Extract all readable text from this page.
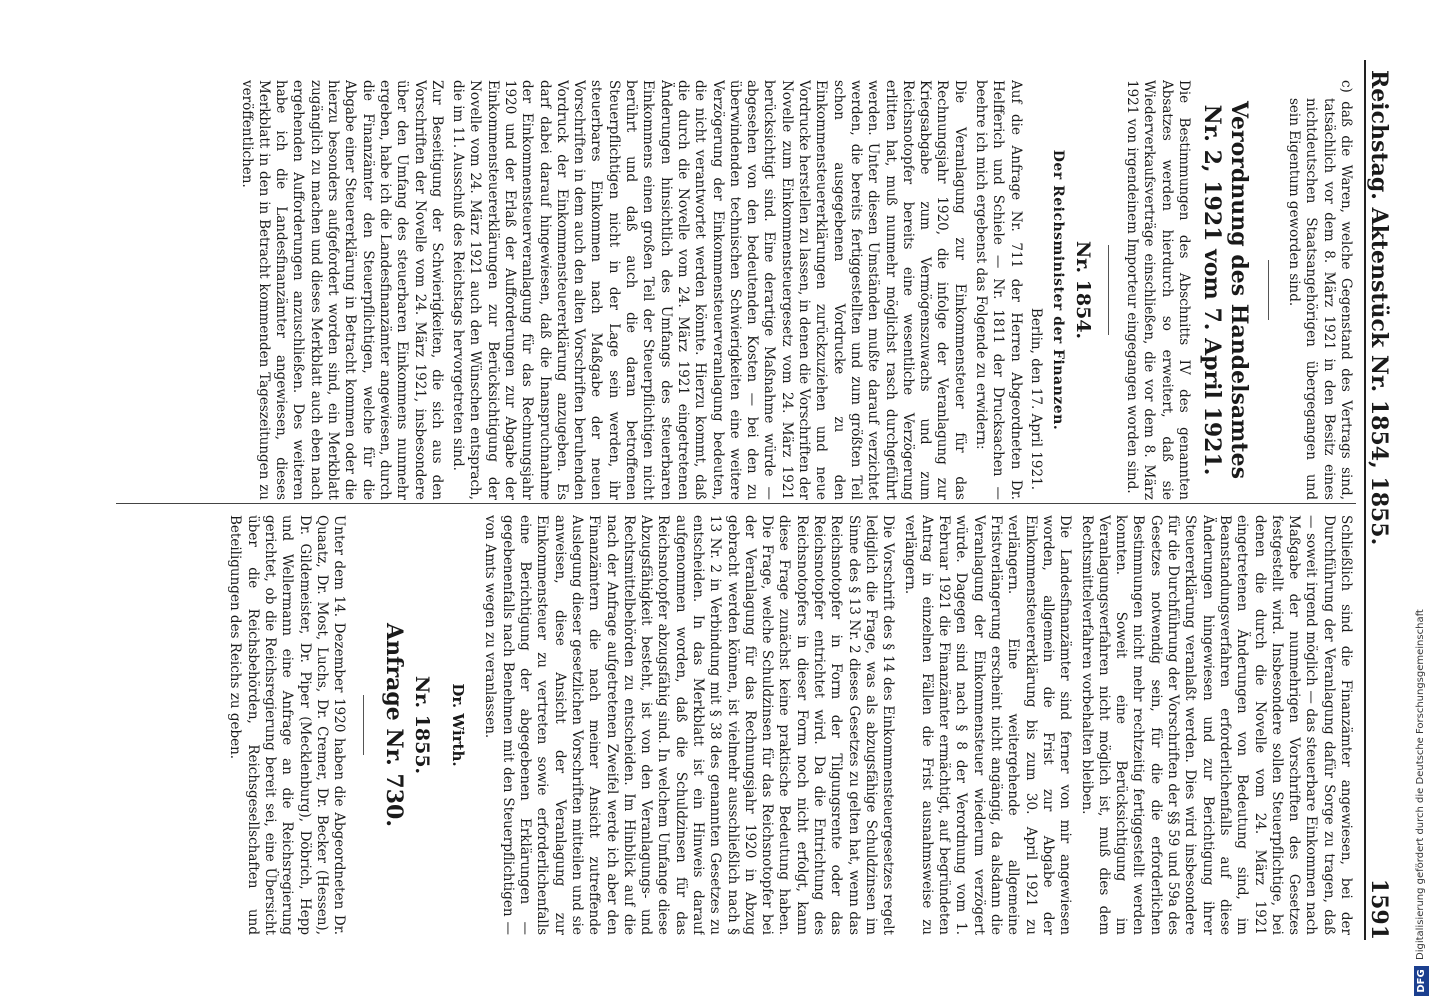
Reichstag. Aktenstück Nr. 1854, 1855.
1591

c) daß die Waren, welche Gegenstand des Vertrags sind, tatsächlich vor dem 8. März 1921 in den Besitz eines nichtdeutschen Staatsangehörigen übergegangen und sein Eigentum geworden sind.

Verordnung des Handelsamtes Nr. 2, 1921 vom 7. April 1921.

Die Bestimmungen des Abschnitts IV des genannten Absatzes werden hierdurch so erweitert, daß sie Wiederverkaufsverträge einschließen, die vor dem 8. März 1921 von irgendeinem Importeur eingegangen worden sind.

Nr. 1854.
Der Reichsminister der Finanzen.
Berlin, den 17. April 1921.

Auf die Anfrage Nr. 711 der Herren Abgeordneten Dr. Helfferich und Schiele — Nr. 1811 der Drucksachen — beehre ich mich ergebenst das Folgende zu erwidern:

Die Veranlagung zur Einkommensteuer für das Rechnungsjahr 1920, die infolge der Veranlagung zur Kriegsabgabe zum Vermögenszuwachs und zum Reichsnotopfer bereits eine wesentliche Verzögerung erlitten hat, muß nunmehr möglichst rasch durchgeführt werden. Unter diesen Umständen mußte darauf verzichtet werden, die bereits fertiggestellten und zum größten Teil schon ausgegebenen Vordrucke zu den Einkommensteuererklärungen zurückzuziehen und neue Vordrucke herstellen zu lassen, in denen die Vorschriften der Novelle zum Einkommensteuergesetz vom 24. März 1921 berücksichtigt sind. Eine derartige Maßnahme würde — abgesehen von den bedeutenden Kosten — bei den zu überwindenden technischen Schwierigkeiten eine weitere Verzögerung der Einkommensteuerveranlagung bedeuten, die nicht verantwortet werden könnte. Hierzu kommt, daß die durch die Novelle vom 24. März 1921 eingetretenen Änderungen hinsichtlich des Umfangs des steuerbaren Einkommens einen großen Teil der Steuerpflichtigen nicht berührt und daß auch die daran betroffenen Steuerpflichtigen nicht in der Lage sein werden, ihr steuerbares Einkommen nach Maßgabe der neuen Vorschriften in dem auch den alten Vorschriften beruhenden Vordruck der Einkommensteuererklärung anzugeben. Es darf dabei darauf hingewiesen, daß die Inanspruchnahme der Einkommensteuerveranlagung für das Rechnungsjahr 1920 und der Erlaß der Aufforderungen zur Abgabe der Einkommensteuererklärungen zur Berücksichtigung der Novelle vom 24. März 1921 auch den Wünschen entsprach, die im 11. Ausschuß des Reichstags hervorgetreten sind.

Zur Beseitigung der Schwierigkeiten, die sich aus den Vorschriften der Novelle vom 24. März 1921, insbesondere über den Umfang des steuerbaren Einkommens nunmehr ergeben, habe ich die Landesfinanzämter angewiesen, durch die Finanzämter den Steuerpflichtigen, welche für die Abgabe einer Steuererklärung in Betracht kommen oder die hierzu besonders aufgefordert worden sind, ein Merkblatt zugänglich zu machen und dieses Merkblatt auch eben nach ergehenden Aufforderungen anzuschließen. Des weiteren habe ich die Landesfinanzämter angewiesen, dieses Merkblatt in den in Betracht kommenden Tageszeitungen zu veröffentlichen.

Schließlich sind die Finanzämter angewiesen, bei der Durchführung der Veranlagung dafür Sorge zu tragen, daß — soweit irgend möglich — das steuerbare Einkommen nach Maßgabe der nunmehrigen Vorschriften des Gesetzes festgestellt wird. Insbesondere sollen Steuerpflichtige, bei denen die durch die Novelle vom 24. März 1921 eingetretenen Änderungen von Bedeutung sind, im Beanstandungsverfahren erforderlichenfalls auf diese Änderungen hingewiesen und zur Berichtigung ihrer Steuererklärung veranlaßt werden. Dies wird insbesondere für die Durchführung der Vorschriften der §§ 59 und 59a des Gesetzes notwendig sein, für die die erforderlichen Bestimmungen nicht mehr rechtzeitig fertiggestellt werden konnten. Soweit eine Berücksichtigung im Veranlagungsverfahren nicht möglich ist, muß dies dem Rechtsmittelverfahren vorbehalten bleiben.

Die Landesfinanzämter sind ferner von mir angewiesen worden, allgemein die Frist zur Abgabe der Einkommensteuererklärung bis zum 30. April 1921 zu verlängern. Eine weitergehende allgemeine Fristverlängerung erscheint nicht angängig, da alsdann die Veranlagung der Einkommensteuer wiederum verzögert würde. Dagegen sind nach § 8 der Verordnung vom 1. Februar 1921 die Finanzämter ermächtigt, auf begründeten Antrag in einzelnen Fällen die Frist ausnahmsweise zu verlängern.

Die Vorschrift des § 14 des Einkommensteuergesetzes regelt lediglich die Frage, was als abzugsfähige Schuldzinsen im Sinne des § 13 Nr. 2 dieses Gesetzes zu gelten hat, wenn das Reichsnotopfer in Form der Tilgungsrente oder das Reichsnotopfer entrichtet wird. Da die Entrichtung des Reichsnotopfers in dieser Form noch nicht erfolgt, kann diese Frage zunächst keine praktische Bedeutung haben. Die Frage, welche Schuldzinsen für das Reichsnotopfer bei der Veranlagung für das Rechnungsjahr 1920 in Abzug gebracht werden können, ist vielmehr ausschließlich nach § 13 Nr. 2 in Verbindung mit § 38 des genannten Gesetzes zu entscheiden. In das Merkblatt ist ein Hinweis darauf aufgenommen worden, daß die Schuldzinsen für das Reichsnotopfer abzugsfähig sind. In welchem Umfange diese Abzugsfähigkeit besteht, ist von den Veranlagungs- und Rechtsmittelbehörden zu entscheiden. Im Hinblick auf die nach der Anfrage aufgetretenen Zweifel werde ich aber den Finanzämtern die nach meiner Ansicht zutreffende Auslegung dieser gesetzlichen Vorschriften mitteilen und sie anweisen, diese Ansicht der Veranlagung zur Einkommensteuer zu vertreten sowie erforderlichenfalls eine Berichtigung der abgegebenen Erklärungen — gegebenenfalls nach Benehmen mit den Steuerpflichtigen — von Amts wegen zu veranlassen.

Dr. Wirth.
Nr. 1855.
Anfrage Nr. 730.

Unter dem 14. Dezember 1920 haben die Abgeordneten Dr. Quaatz, Dr. Most, Luchs, Dr. Cremer, Dr. Becker (Hessen), Dr. Gildemeister, Dr. Piper (Mecklenburg), Döbrich, Hepp und Wellermann eine Anfrage an die Reichsregierung gerichtet, ob die Reichsregierung bereit sei, eine Übersicht über die Reichsbehörden, Reichsgesellschaften und Beteiligungen des Reichs zu geben.

DFG
Digitalisierung gefördert durch die Deutsche Forschungsgemeinschaft
